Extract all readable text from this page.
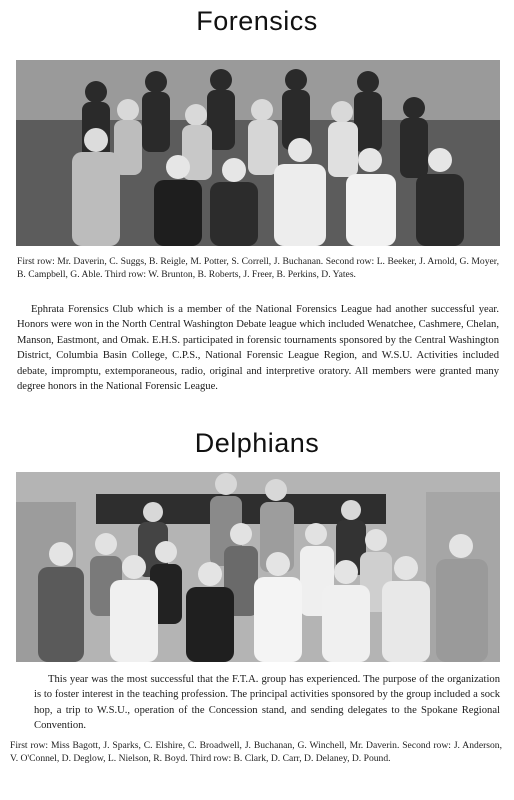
Forensics
First row: Mr. Daverin, C. Suggs, B. Reigle, M. Potter, S. Correll, J. Buchanan. Second row: L. Beeker, J. Arnold, G. Moyer, B. Campbell, G. Able. Third row: W. Brunton, B. Roberts, J. Freer, B. Perkins, D. Yates.
Ephrata Forensics Club which is a member of the National Forensics League had another successful year. Honors were won in the North Central Washington Debate league which included Wenatchee, Cashmere, Chelan, Manson, Eastmont, and Omak. E.H.S. participated in forensic tournaments sponsored by the Central Washington District, Columbia Basin College, C.P.S., National Forensic League Region, and W.S.U. Activities included debate, impromptu, extemporaneous, radio, original and interpretive oratory. All members were granted many degree honors in the National Forensic League.
Delphians
This year was the most successful that the F.T.A. group has experienced. The purpose of the organization is to foster interest in the teaching profession. The principal activities sponsored by the group included a sock hop, a trip to W.S.U., operation of the Concession stand, and sending delegates to the Spokane Regional Convention.
First row: Miss Bagott, J. Sparks, C. Elshire, C. Broadwell, J. Buchanan, G. Winchell, Mr. Daverin. Second row: J. Anderson, V. O'Connel, D. Deglow, L. Nielson, R. Boyd. Third row: B. Clark, D. Carr, D. Delaney, D. Pound.
